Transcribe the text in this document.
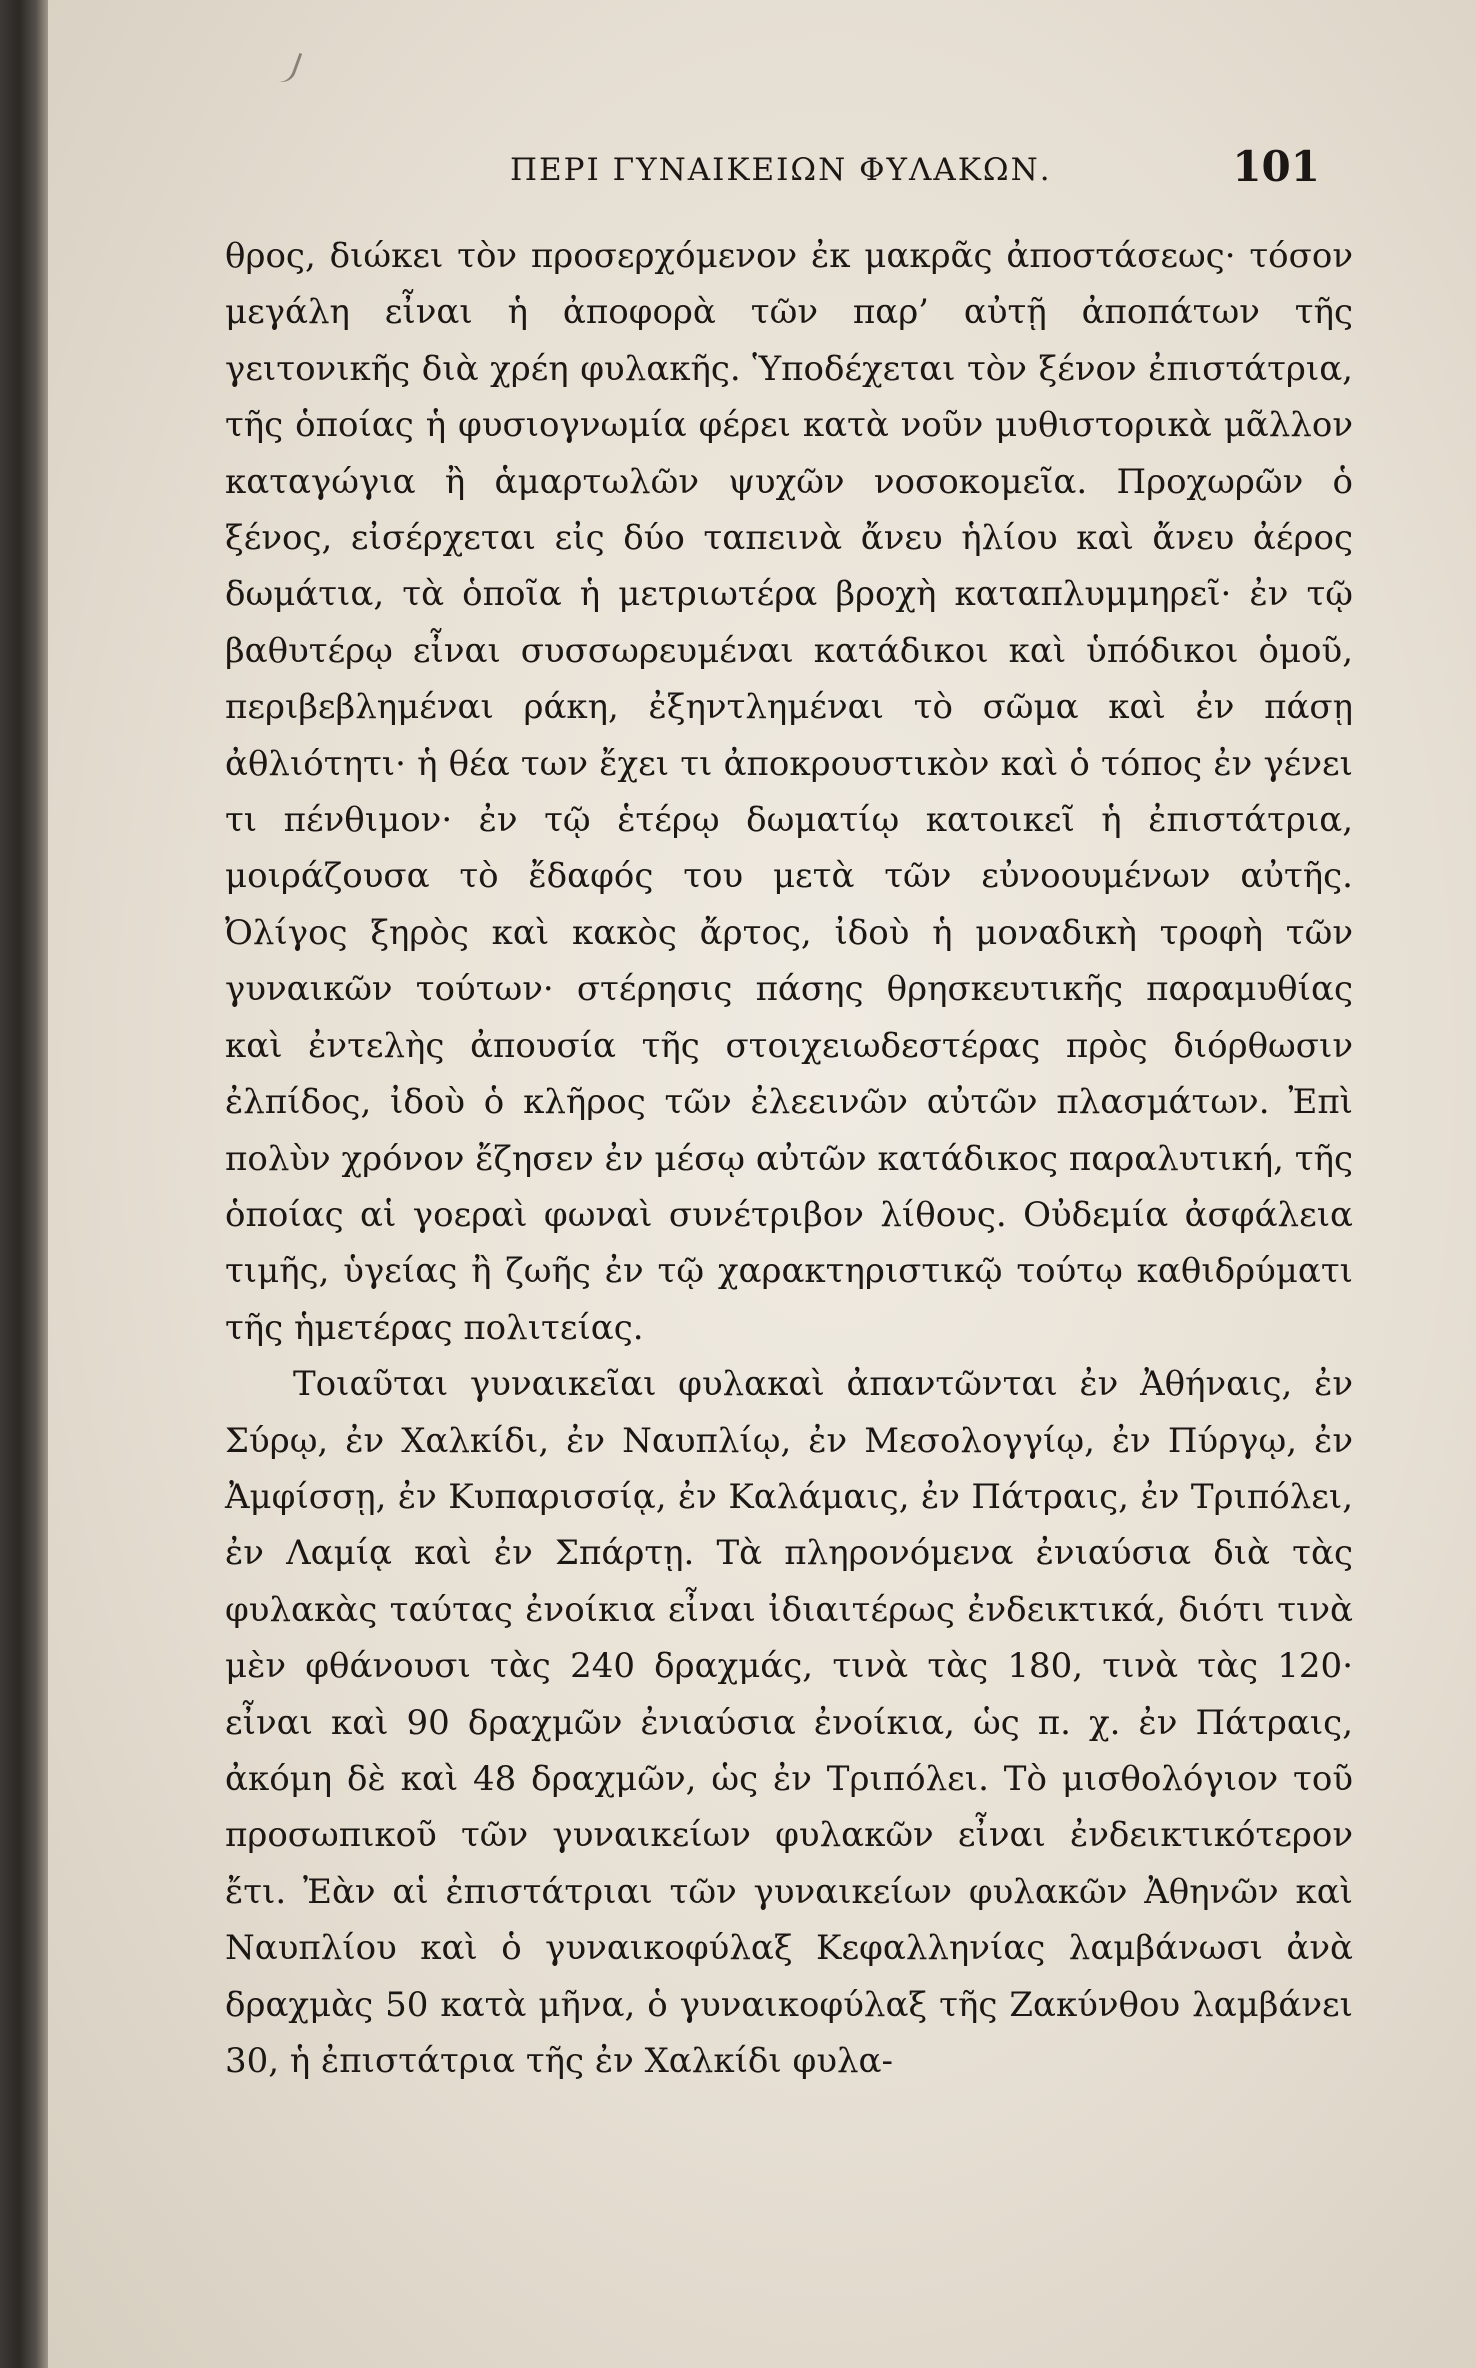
ΠΕΡΙ ΓΥΝΑΙΚΕΙΩΝ ΦΥΛΑΚΩΝ.	101

θρος, διώκει τὸν προσερχόμενον ἐκ μακρᾶς ἀποστάσεως· τόσον μεγάλη εἶναι ἡ ἀποφορὰ τῶν παρ’ αὐτῇ ἀποπάτων τῆς γειτονικῆς διὰ χρέη φυλακῆς. Ὑποδέχεται τὸν ξένον ἐπιστάτρια, τῆς ὁποίας ἡ φυσιογνωμία φέρει κατὰ νοῦν μυθιστορικὰ μᾶλλον καταγώγια ἢ ἁμαρτωλῶν ψυχῶν νοσοκομεῖα. Προχωρῶν ὁ ξένος, εἰσέρχεται εἰς δύο ταπεινὰ ἄνευ ἡλίου καὶ ἄνευ ἀέρος δωμάτια, τὰ ὁποῖα ἡ μετριωτέρα βροχὴ καταπλυμμηρεῖ· ἐν τῷ βαθυτέρῳ εἶναι συσσωρευμέναι κατάδικοι καὶ ὑπόδικοι ὁμοῦ, περιβεβλημέναι ράκη, ἐξηντλημέναι τὸ σῶμα καὶ ἐν πάσῃ ἀθλιότητι· ἡ θέα των ἔχει τι ἀποκρουστικὸν καὶ ὁ τόπος ἐν γένει τι πένθιμον· ἐν τῷ ἑτέρῳ δωματίῳ κατοικεῖ ἡ ἐπιστάτρια, μοιράζουσα τὸ ἔδαφός του μετὰ τῶν εὐνοουμένων αὐτῆς. Ὀλίγος ξηρὸς καὶ κακὸς ἄρτος, ἰδοὺ ἡ μοναδικὴ τροφὴ τῶν γυναικῶν τούτων· στέρησις πάσης θρησκευτικῆς παραμυθίας καὶ ἐντελὴς ἀπουσία τῆς στοιχειωδεστέρας πρὸς διόρθωσιν ἐλπίδος, ἰδοὺ ὁ κλῆρος τῶν ἐλεεινῶν αὐτῶν πλασμάτων. Ἐπὶ πολὺν χρόνον ἔζησεν ἐν μέσῳ αὐτῶν κατάδικος παραλυτική, τῆς ὁποίας αἱ γοεραὶ φωναὶ συνέτριβον λίθους. Οὐδεμία ἀσφάλεια τιμῆς, ὑγείας ἢ ζωῆς ἐν τῷ χαρακτηριστικῷ τούτῳ καθιδρύματι τῆς ἡμετέρας πολιτείας.

Τοιαῦται γυναικεῖαι φυλακαὶ ἀπαντῶνται ἐν Ἀθήναις, ἐν Σύρῳ, ἐν Χαλκίδι, ἐν Ναυπλίῳ, ἐν Μεσολογγίῳ, ἐν Πύργῳ, ἐν Ἀμφίσσῃ, ἐν Κυπαρισσίᾳ, ἐν Καλάμαις, ἐν Πάτραις, ἐν Τριπόλει, ἐν Λαμίᾳ καὶ ἐν Σπάρτῃ. Τὰ πληρονόμενα ἐνιαύσια διὰ τὰς φυλακὰς ταύτας ἐνοίκια εἶναι ἰδιαιτέρως ἐνδεικτικά, διότι τινὰ μὲν φθάνουσι τὰς 240 δραχμάς, τινὰ τὰς 180, τινὰ τὰς 120· εἶναι καὶ 90 δραχμῶν ἐνιαύσια ἐνοίκια, ὡς π. χ. ἐν Πάτραις, ἀκόμη δὲ καὶ 48 δραχμῶν, ὡς ἐν Τριπόλει. Τὸ μισθολόγιον τοῦ προσωπικοῦ τῶν γυναικείων φυλακῶν εἶναι ἐνδεικτικότερον ἔτι. Ἐὰν αἱ ἐπιστάτριαι τῶν γυναικείων φυλακῶν Ἀθηνῶν καὶ Ναυπλίου καὶ ὁ γυναικοφύλαξ Κεφαλληνίας λαμβάνωσι ἀνὰ δραχμὰς 50 κατὰ μῆνα, ὁ γυναικοφύλαξ τῆς Ζακύνθου λαμβάνει 30, ἡ ἐπιστάτρια τῆς ἐν Χαλκίδι φυλα-
